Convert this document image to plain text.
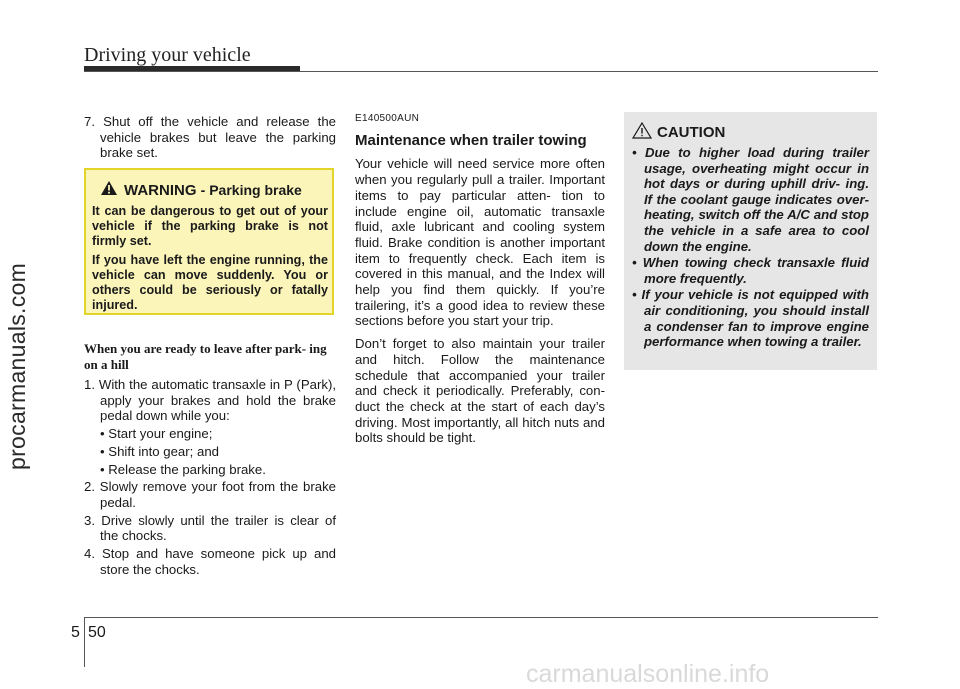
Driving your vehicle
procarmanuals.com
7. Shut off the vehicle and release the vehicle brakes but leave the parking brake set.
WARNING - Parking brake

It can be dangerous to get out of your vehicle if the parking brake is not firmly set.

If you have left the engine running, the vehicle can move suddenly. You or others could be seriously or fatally injured.

When you are ready to leave after park- ing on a hill
1. With the automatic transaxle in P (Park), apply your brakes and hold the brake pedal down while you:
• Start your engine;
• Shift into gear; and
• Release the parking brake.
2. Slowly remove your foot from the brake pedal.
3. Drive slowly until the trailer is clear of the chocks.
4. Stop and have someone pick up and store the chocks.
E140500AUN
Maintenance when trailer towing

Your vehicle will need service more often when you regularly pull a trailer. Important items to pay particular atten- tion to include engine oil, automatic transaxle fluid, axle lubricant and cooling system fluid. Brake condition is another important item to frequently check. Each item is covered in this manual, and the Index will help you find them quickly. If you’re trailering, it’s a good idea to review these sections before you start your trip.

Don’t forget to also maintain your trailer and hitch. Follow the maintenance schedule that accompanied your trailer and check it periodically. Preferably, con- duct the check at the start of each day’s driving. Most importantly, all hitch nuts and bolts should be tight.

CAUTION
• Due to higher load during trailer usage, overheating might occur in hot days or during uphill driv- ing. If the coolant gauge indicates over-heating, switch off the A/C and stop the vehicle in a safe area to cool down the engine.
• When towing check transaxle fluid more frequently.
• If your vehicle is not equipped with air conditioning, you should install a condenser fan to improve engine performance when towing a trailer.
5 50
carmanualsonline.info
